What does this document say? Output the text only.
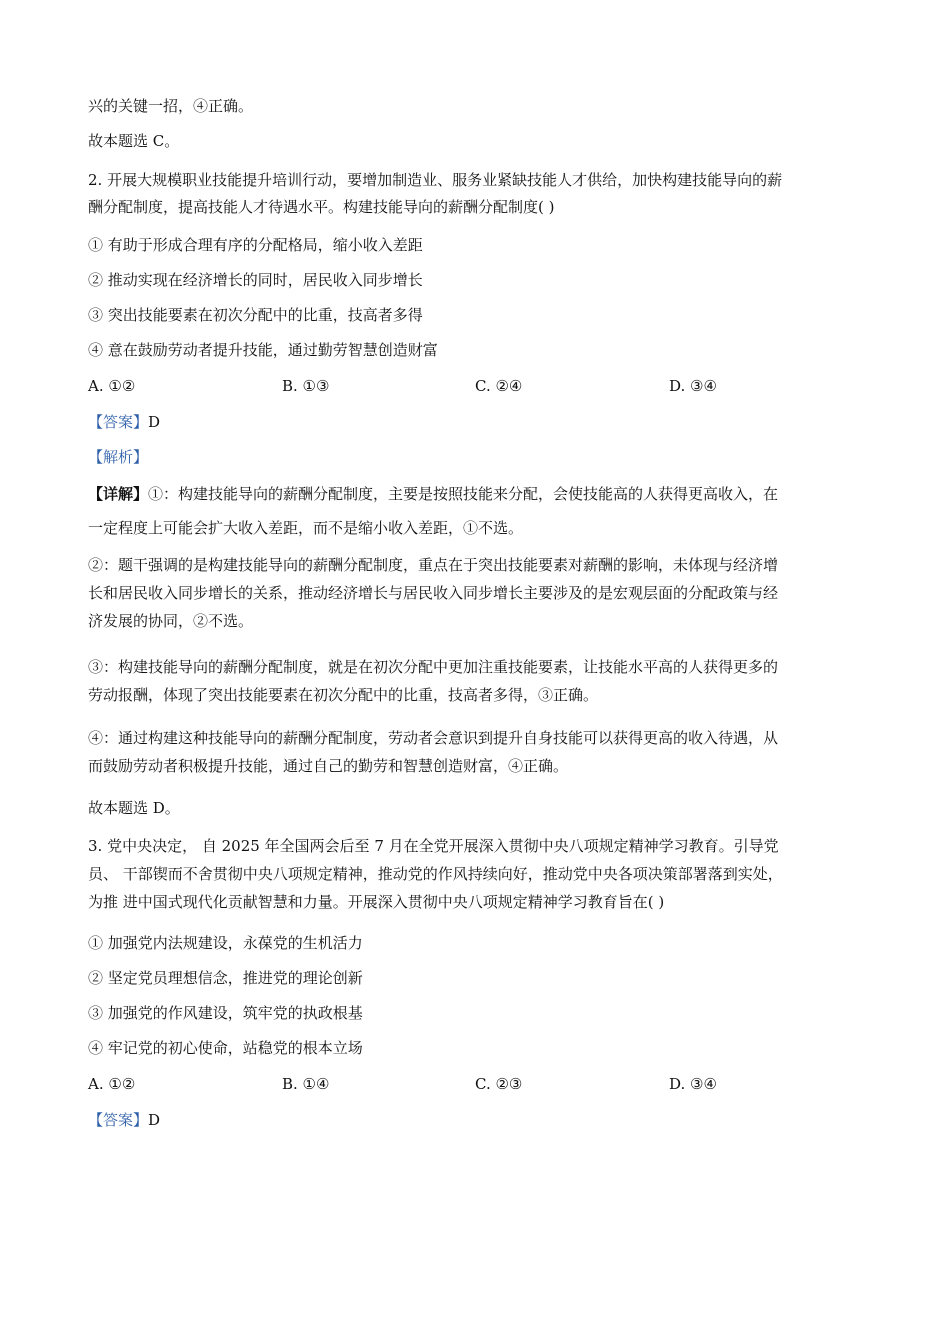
兴的关键一招，④正确。
故本题选 C。
2. 开展大规模职业技能提升培训行动，要增加制造业、服务业紧缺技能人才供给，加快构建技能导向的薪
酬分配制度，提高技能人才待遇水平。构建技能导向的薪酬分配制度( )
① 有助于形成合理有序的分配格局，缩小收入差距
② 推动实现在经济增长的同时，居民收入同步增长
③ 突出技能要素在初次分配中的比重，技高者多得
④ 意在鼓励劳动者提升技能，通过勤劳智慧创造财富
A. ①②	B. ①③	C. ②④	D. ③④
【答案】D
【解析】
【详解】①：构建技能导向的薪酬分配制度，主要是按照技能来分配，会使技能高的人获得更高收入，在
一定程度上可能会扩大收入差距，而不是缩小收入差距，①不选。
②：题干强调的是构建技能导向的薪酬分配制度，重点在于突出技能要素对薪酬的影响，未体现与经济增
长和居民收入同步增长的关系，推动经济增长与居民收入同步增长主要涉及的是宏观层面的分配政策与经
济发展的协同，②不选。
③：构建技能导向的薪酬分配制度，就是在初次分配中更加注重技能要素，让技能水平高的人获得更多的
劳动报酬，体现了突出技能要素在初次分配中的比重，技高者多得，③正确。
④：通过构建这种技能导向的薪酬分配制度，劳动者会意识到提升自身技能可以获得更高的收入待遇，从
而鼓励劳动者积极提升技能，通过自己的勤劳和智慧创造财富，④正确。
故本题选 D。
3. 党中央决定， 自 2025 年全国两会后至 7 月在全党开展深入贯彻中央八项规定精神学习教育。引导党
员、 干部锲而不舍贯彻中央八项规定精神，推动党的作风持续向好，推动党中央各项决策部署落到实处，
为推 进中国式现代化贡献智慧和力量。开展深入贯彻中央八项规定精神学习教育旨在( )
① 加强党内法规建设，永葆党的生机活力
② 坚定党员理想信念，推进党的理论创新
③ 加强党的作风建设，筑牢党的执政根基
④ 牢记党的初心使命，站稳党的根本立场
A. ①②	B. ①④	C. ②③	D. ③④
【答案】D
